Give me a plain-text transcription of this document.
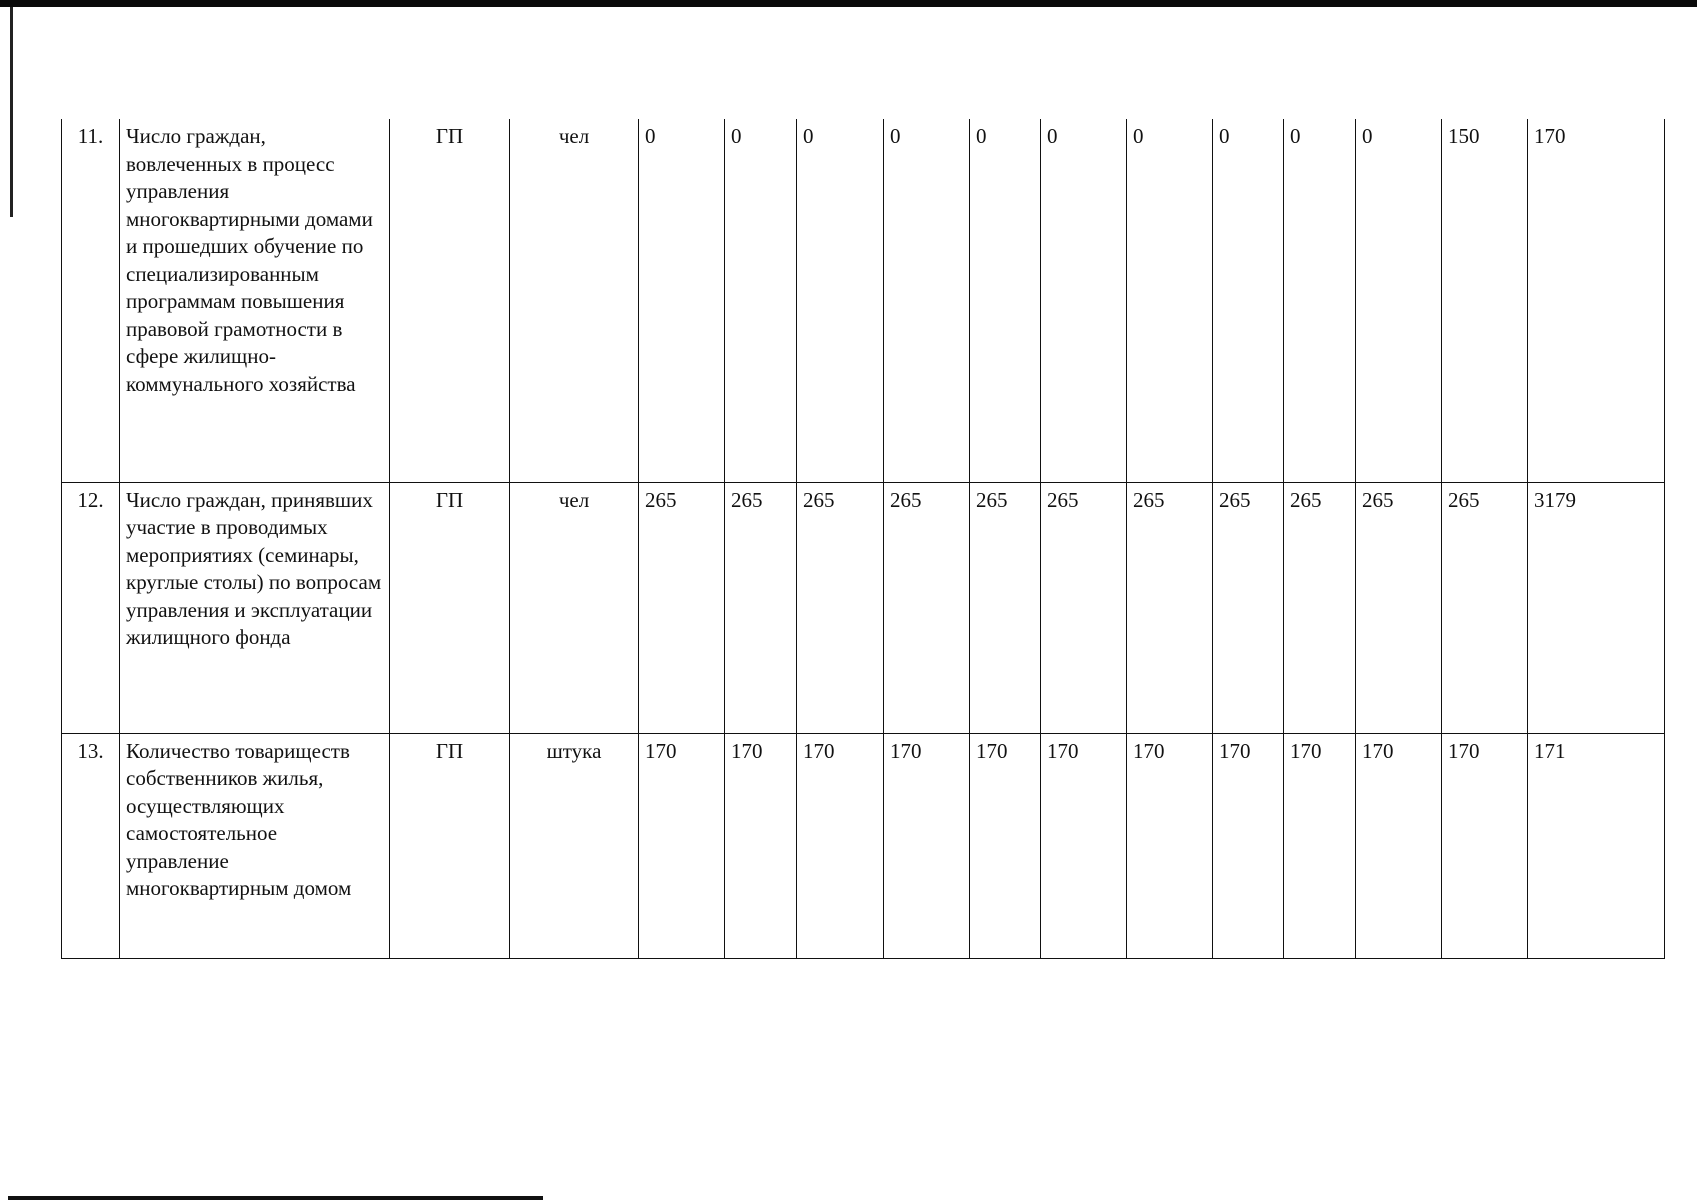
11.	Число граждан, вовлеченных в процесс управления многоквартирными домами и прошедших обучение по специализированным программам повышения правовой грамотности в сфере жилищно-коммунального хозяйства	ГП	чел	0	0	0	0	0	0	0	0	0	0	150	170
12.	Число граждан, принявших участие в проводимых мероприятиях (семинары, круглые столы) по вопросам управления и эксплуатации жилищного фонда	ГП	чел	265	265	265	265	265	265	265	265	265	265	265	3179
13.	Количество товариществ собственников жилья, осуществляющих самостоятельное управление многоквартирным домом	ГП	штука	170	170	170	170	170	170	170	170	170	170	170	171
